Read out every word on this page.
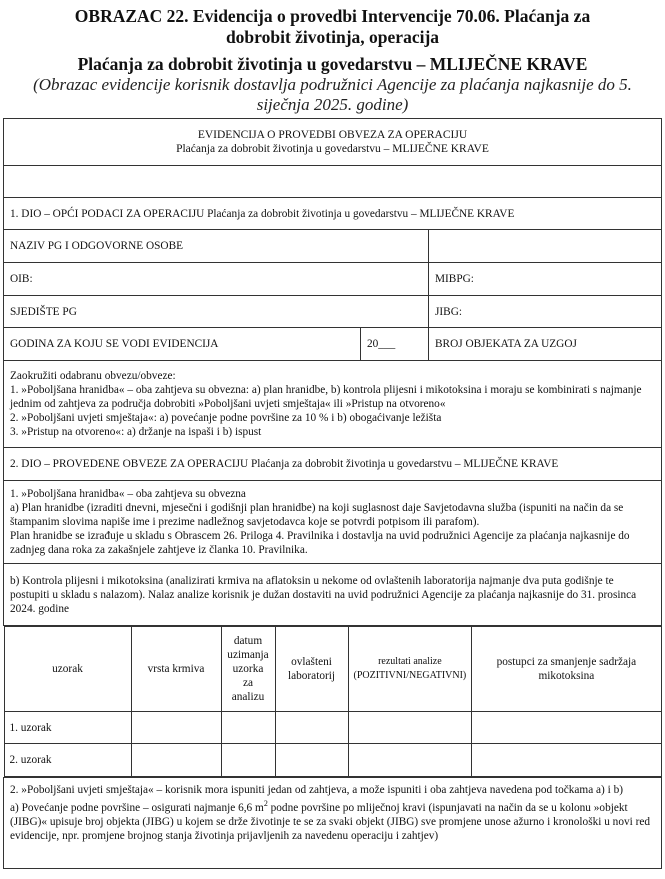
OBRAZAC 22. Evidencija o provedbi Intervencije 70.06. Plaćanja za dobrobit životinja, operacija
Plaćanja za dobrobit životinja u govedarstvu – MLIJEČNE KRAVE
(Obrazac evidencije korisnik dostavlja podružnici Agencije za plaćanja najkasnije do 5. siječnja 2025. godine)
EVIDENCIJA O PROVEDBI OBVEZA ZA OPERACIJU
Plaćanja za dobrobit životinja u govedarstvu – MLIJEČNE KRAVE

1. DIO – OPĆI PODACI ZA OPERACIJU Plaćanja za dobrobit životinja u govedarstvu – MLIJEČNE KRAVE
NAZIV PG I ODGOVORNE OSOBE	
OIB:	MIBPG:
SJEDIŠTE PG	JIBG:
GODINA ZA KOJU SE VODI EVIDENCIJA	20___	BROJ OBJEKATA ZA UZGOJ

Zaokružiti odabranu obvezu/obveze:
1. »Poboljšana hranidba« – oba zahtjeva su obvezna: a) plan hranidbe, b) kontrola plijesni i mikotoksina i moraju se kombinirati s najmanje jednim od zahtjeva za područja dobrobiti »Poboljšani uvjeti smještaja« ili »Pristup na otvoreno«
2. »Poboljšani uvjeti smještaja«: a) povećanje podne površine za 10 % i b) obogaćivanje ležišta
3. »Pristup na otvoreno«: a) držanje na ispaši i b) ispust

2. DIO – PROVEDENE OBVEZE ZA OPERACIJU Plaćanja za dobrobit životinja u govedarstvu – MLIJEČNE KRAVE

1. »Poboljšana hranidba« – oba zahtjeva su obvezna
a) Plan hranidbe (izraditi dnevni, mjesečni i godišnji plan hranidbe) na koji suglasnost daje Savjetodavna služba (ispuniti na način da se štampanim slovima napiše ime i prezime nadležnog savjetodavca koje se potvrdi potpisom ili parafom).
Plan hranidbe se izrađuje u skladu s Obrascem 26. Priloga 4. Pravilnika i dostavlja na uvid podružnici Agencije za plaćanja najkasnije do zadnjeg dana roka za zakašnjele zahtjeve iz članka 10. Pravilnika.

b) Kontrola plijesni i mikotoksina (analizirati krmiva na aflatoksin u nekome od ovlaštenih laboratorija najmanje dva puta godišnje te postupiti u skladu s nalazom). Nalaz analize korisnik je dužan dostaviti na uvid podružnici Agencije za plaćanja najkasnije do 31. prosinca 2024. godine

uzorak	vrsta krmiva	datum uzimanja uzorka za analizu	ovlašteni laboratorij	rezultati analize (POZITIVNI/NEGATIVNI)	postupci za smanjenje sadržaja mikotoksina
1. uzorak					
2. uzorak					

2. »Poboljšani uvjeti smještaja« – korisnik mora ispuniti jedan od zahtjeva, a može ispuniti i oba zahtjeva navedena pod točkama a) i b)
a) Povećanje podne površine – osigurati najmanje 6,6 $m^2$ podne površine po mliječnoj kravi (ispunjavati na način da se u kolonu »objekt (JIBG)« upisuje broj objekta (JIBG) u kojem se drže životinje te se za svaki objekt (JIBG) sve promjene unose ažurno i kronološki u novi red evidencije, npr. promjene brojnog stanja životinja prijavljenih za navedenu operaciju i zahtjev)
